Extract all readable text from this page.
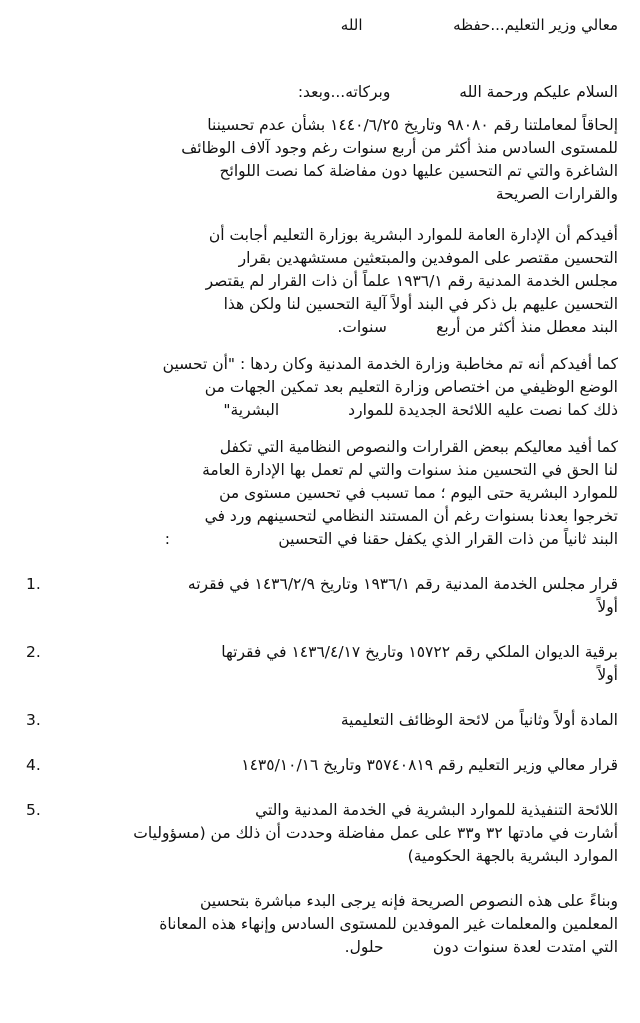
معالي وزير التعليم...حفظه                   الله

السلام عليكم ورحمة الله              وبركاته...وبعد:

إلحاقاً لمعاملتنا رقم ٩٨٠٨٠ وتاريخ ١٤٤٠/٦/٢٥ بشأن عدم تحسيننا

للمستوى السادس منذ أكثر من أربع سنوات رغم وجود آلاف الوظائف

الشاغرة والتي تم التحسين عليها دون مفاضلة كما نصت اللوائح

والقرارات الصريحة

أفيدكم أن الإدارة العامة للموارد البشرية بوزارة التعليم أجابت أن

التحسين مقتصر على الموفدين والمبتعثين مستشهدين بقرار

مجلس الخدمة المدنية رقم ١٩٣٦/١ علماً أن ذات القرار لم يقتصر

التحسين عليهم بل ذكر في البند أولاً آلية التحسين لنا ولكن هذا

البند معطل منذ أكثر من أربع          سنوات.

كما أفيدكم أنه تم مخاطبة وزارة الخدمة المدنية وكان ردها : "أن تحسين

الوضع الوظيفي من اختصاص وزارة التعليم بعد تمكين الجهات من

ذلك كما نصت عليه اللائحة الجديدة للموارد              البشرية"

كما أفيد معاليكم ببعض القرارات والنصوص النظامية التي تكفل

لنا الحق في التحسين منذ سنوات والتي لم تعمل بها الإدارة العامة

للموارد البشرية حتى اليوم ؛ مما تسبب في تحسين مستوى من

تخرجوا بعدنا بسنوات رغم أن المستند النظامي لتحسينهم ورد في

البند ثانياً من ذات القرار الذي يكفل حقنا في التحسين                      :

قرار مجلس الخدمة المدنية رقم ١٩٣٦/١ وتاريخ ١٤٣٦/٢/٩ في فقرته

أولاً

1.

برقية الديوان الملكي رقم ١٥٧٢٢ وتاريخ ١٤٣٦/٤/١٧ في فقرتها

أولاً

2.

المادة أولاً وثانياً من لائحة الوظائف التعليمية

3.

قرار معالي وزير التعليم رقم ٣٥٧٤٠٨١٩ وتاريخ ١٤٣٥/١٠/١٦

4.

اللائحة التنفيذية للموارد البشرية في الخدمة المدنية والتي

أشارت في مادتها ٣٢ و٣٣ على عمل مفاضلة وحددت أن ذلك من (مسؤوليات

الموارد البشرية بالجهة الحكومية)

5.

وبناءً على هذه النصوص الصريحة فإنه يرجى البدء مباشرة بتحسين

المعلمين والمعلمات غير الموفدين للمستوى السادس وإنهاء هذه المعاناة

التي امتدت لعدة سنوات دون          حلول.
